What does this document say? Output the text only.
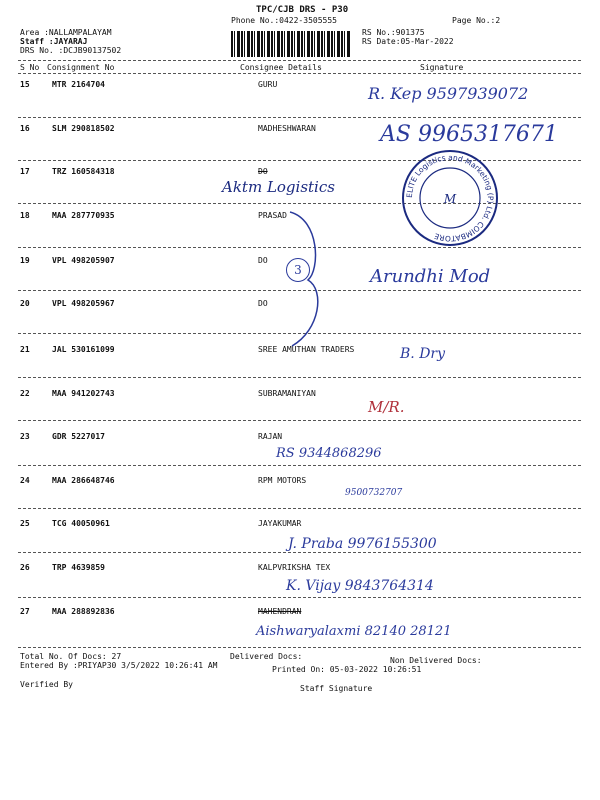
TPC/CJB DRS - P30
Phone No.:0422-3505555	Page No.:2
Area :NALLAMPALAYAM
Staff :JAYARAJ
DRS No. :DCJB90137502
RS No.:901375
RS Date:05-Mar-2022
S No Consignment No	Consignee Details	Signature
15	MTR 2164704	GURU	R. Kep 9597939072
16	SLM 290818502	MADHESHWARAN	AS 9965317671
17	TRZ 160584318	DO
Aktm Logistics
18	MAA 287770935	PRASAD
19	VPL 498205907	DO
Arundhi Mod
20	VPL 498205967	DO
21	JAL 530161099	SREE AMUTHAN TRADERS	B. Dry
22	MAA 941202743	SUBRAMANIYAN
M/R.
23	GDR 5227017	RAJAN
RS 9344868296
24	MAA 286648746	RPM MOTORS
9500732707
25	TCG 40050961	JAYAKUMAR
J. Praba 9976155300
26	TRP 4639859	KALPVRIKSHA TEX
K. Vijay 9843764314
27	MAA 288892836	MAHENDRAN
Aishwaryalaxmi 82140 28121
3
ELITE Logistics and Marketing (P) Ltd. COIMBATORE
M
Total No. Of Docs: 27	Delivered Docs:	Non Delivered Docs:
Entered By :PRIYAP30 3/5/2022 10:26:41 AM	Printed On: 05-03-2022 10:26:51
Verified By	Staff Signature
